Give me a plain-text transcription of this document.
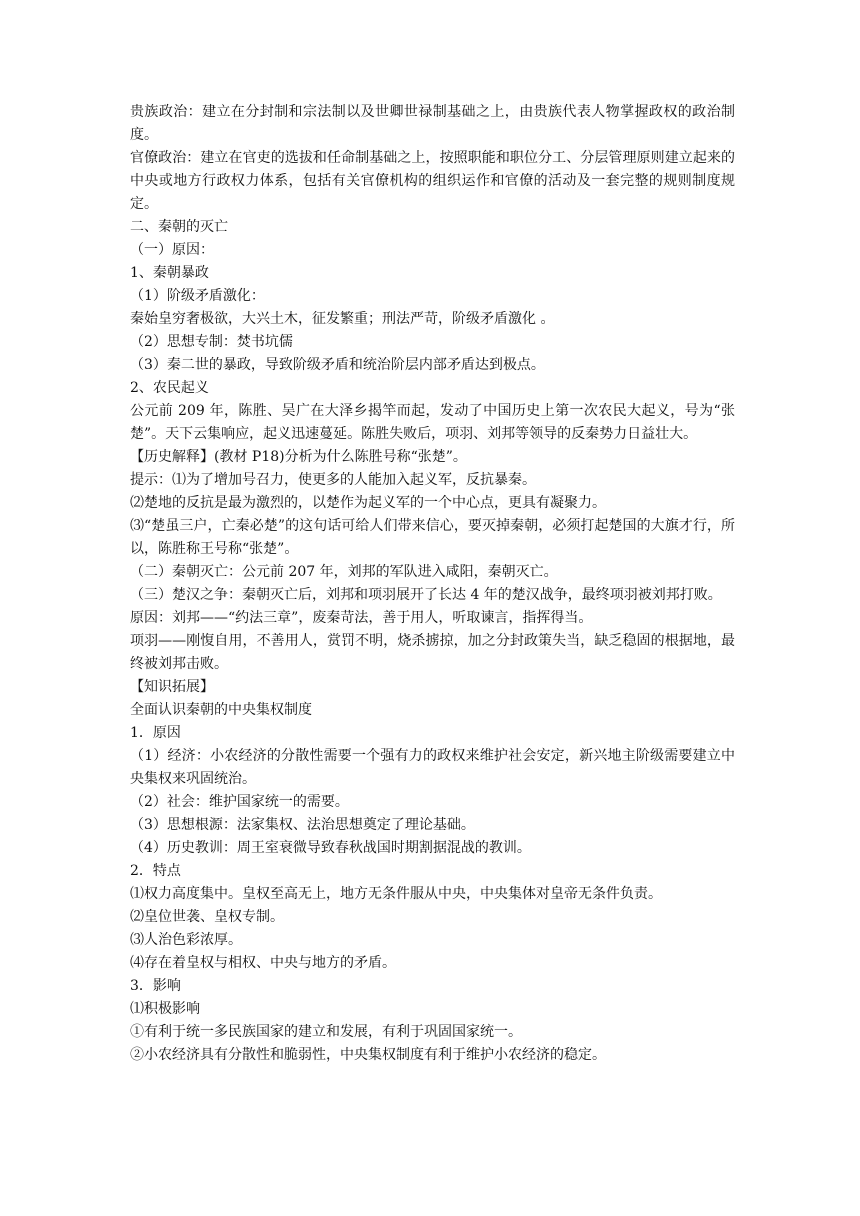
贵族政治：建立在分封制和宗法制以及世卿世禄制基础之上，由贵族代表人物掌握政权的政治制度。

官僚政治：建立在官吏的选拔和任命制基础之上，按照职能和职位分工、分层管理原则建立起来的中央或地方行政权力体系，包括有关官僚机构的组织运作和官僚的活动及一套完整的规则制度规定。

二、秦朝的灭亡

（一）原因：

1、秦朝暴政

（1）阶级矛盾激化：

秦始皇穷奢极欲，大兴土木，征发繁重；刑法严苛，阶级矛盾激化 。

（2）思想专制：焚书坑儒

（3）秦二世的暴政，导致阶级矛盾和统治阶层内部矛盾达到极点。

2、农民起义

公元前 209 年，陈胜、吴广在大泽乡揭竿而起，发动了中国历史上第一次农民大起义，号为“张楚”。天下云集响应，起义迅速蔓延。陈胜失败后，项羽、刘邦等领导的反秦势力日益壮大。

【历史解释】(教材 P18)分析为什么陈胜号称“张楚”。

提示：⑴为了增加号召力，使更多的人能加入起义军，反抗暴秦。

⑵楚地的反抗是最为激烈的，以楚作为起义军的一个中心点，更具有凝聚力。

⑶“楚虽三户，亡秦必楚”的这句话可给人们带来信心，要灭掉秦朝，必须打起楚国的大旗才行，所以，陈胜称王号称“张楚”。

（二）秦朝灭亡：公元前 207 年，刘邦的军队进入咸阳，秦朝灭亡。

（三）楚汉之争：秦朝灭亡后，刘邦和项羽展开了长达 4 年的楚汉战争，最终项羽被刘邦打败。

原因：刘邦——“约法三章”，废秦苛法，善于用人，听取谏言，指挥得当。

项羽——刚愎自用，不善用人，赏罚不明，烧杀掳掠，加之分封政策失当，缺乏稳固的根据地，最终被刘邦击败。

【知识拓展】

全面认识秦朝的中央集权制度

1．原因

（1）经济：小农经济的分散性需要一个强有力的政权来维护社会安定，新兴地主阶级需要建立中央集权来巩固统治。

（2）社会：维护国家统一的需要。

（3）思想根源：法家集权、法治思想奠定了理论基础。

（4）历史教训：周王室衰微导致春秋战国时期割据混战的教训。

2．特点

⑴权力高度集中。皇权至高无上，地方无条件服从中央，中央集体对皇帝无条件负责。

⑵皇位世袭、皇权专制。

⑶人治色彩浓厚。

⑷存在着皇权与相权、中央与地方的矛盾。

3．影响

⑴积极影响

①有利于统一多民族国家的建立和发展，有利于巩固国家统一。

②小农经济具有分散性和脆弱性，中央集权制度有利于维护小农经济的稳定。
